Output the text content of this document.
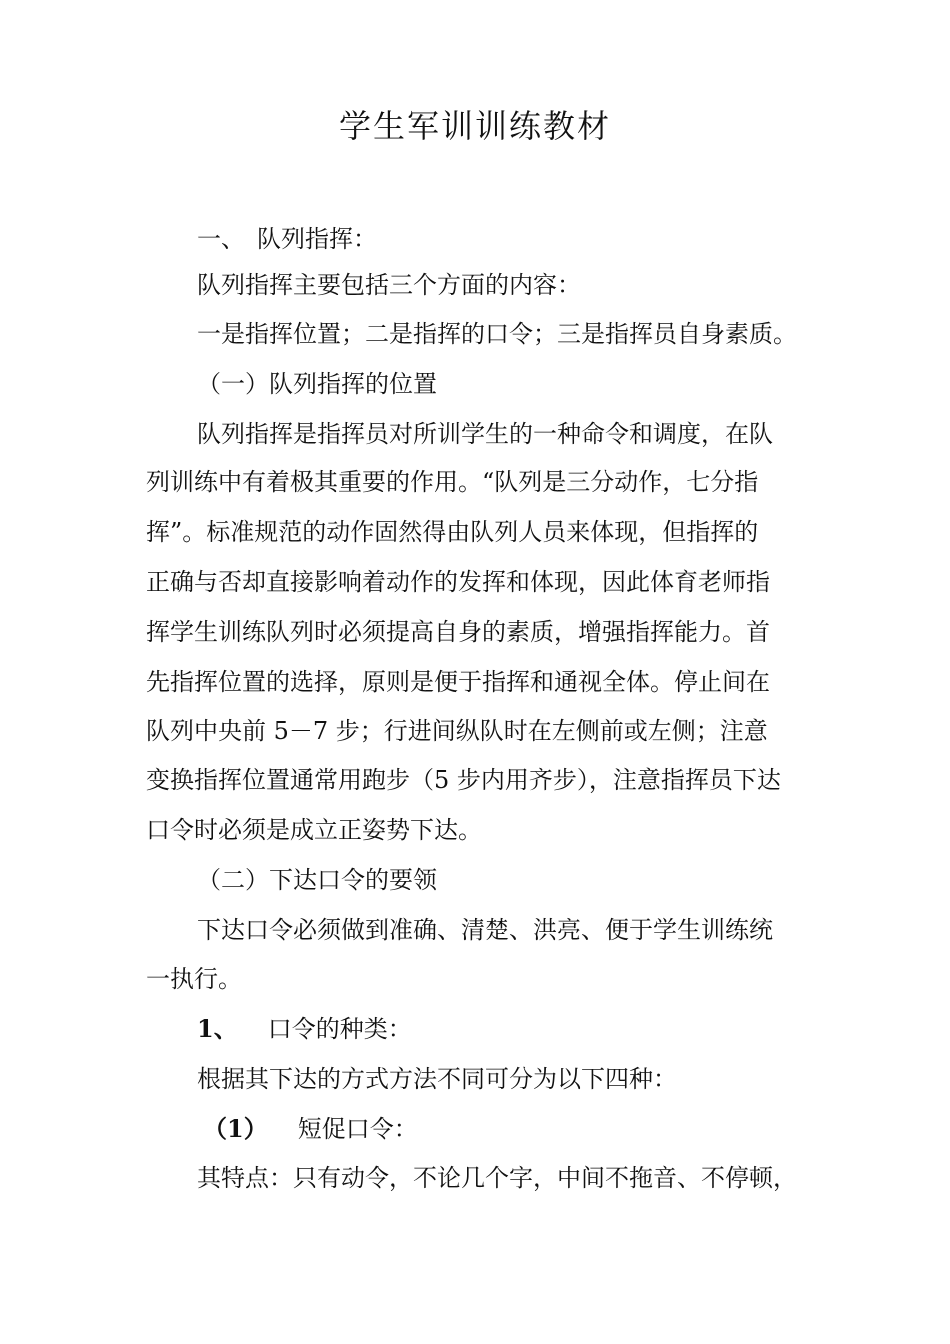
学生军训训练教材
一、 队列指挥：
队列指挥主要包括三个方面的内容：
一是指挥位置；二是指挥的口令；三是指挥员自身素质。
（一）队列指挥的位置
队列指挥是指挥员对所训学生的一种命令和调度，在队
列训练中有着极其重要的作用。“队列是三分动作，七分指
挥”。标准规范的动作固然得由队列人员来体现，但指挥的
正确与否却直接影响着动作的发挥和体现，因此体育老师指
挥学生训练队列时必须提高自身的素质，增强指挥能力。首
先指挥位置的选择，原则是便于指挥和通视全体。停止间在
队列中央前 5－7 步；行进间纵队时在左侧前或左侧；注意
变换指挥位置通常用跑步（5 步内用齐步），注意指挥员下达
口令时必须是成立正姿势下达。
（二）下达口令的要领
下达口令必须做到准确、清楚、洪亮、便于学生训练统
一执行。
1、 口令的种类：
根据其下达的方式方法不同可分为以下四种：
（1） 短促口令：
其特点：只有动令，不论几个字，中间不拖音、不停顿，
